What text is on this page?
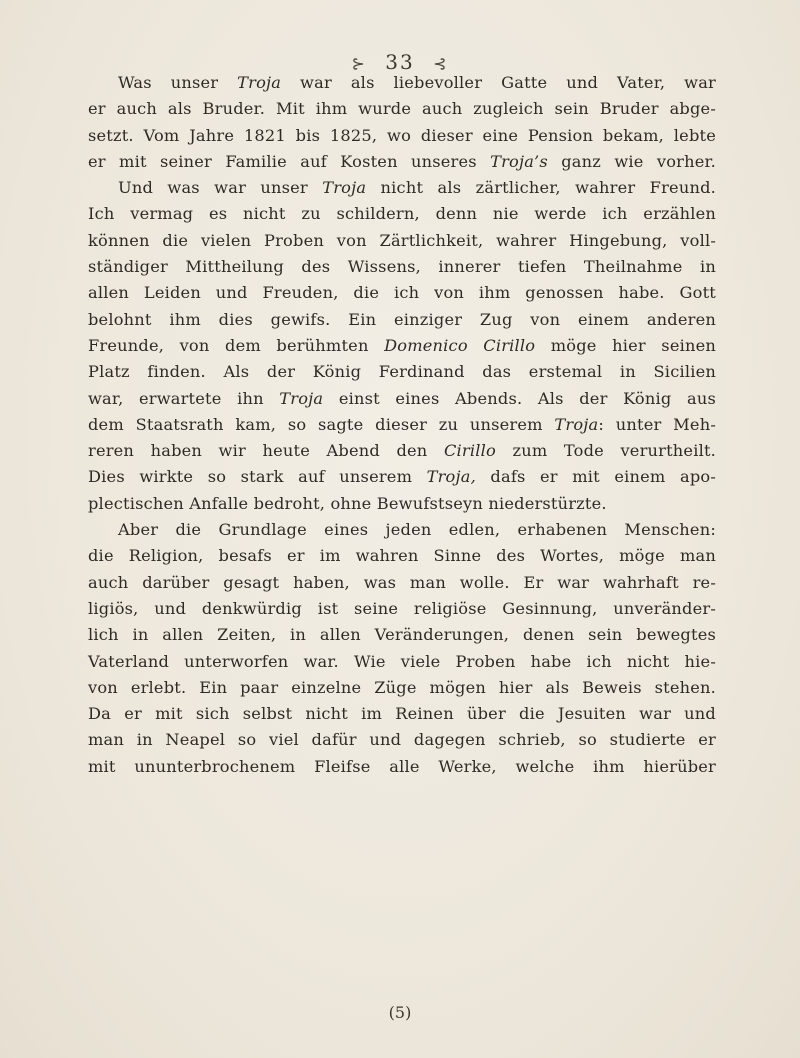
⊱ 33 ⊰
Was unser Troja war als liebevoller Gatte und Vater, war
er auch als Bruder. Mit ihm wurde auch zugleich sein Bruder abge-
setzt. Vom Jahre 1821 bis 1825, wo dieser eine Pension bekam, lebte
er mit seiner Familie auf Kosten unseres Troja’s ganz wie vorher.
Und was war unser Troja nicht als zärtlicher, wahrer Freund.
Ich vermag es nicht zu schildern, denn nie werde ich erzählen
können die vielen Proben von Zärtlichkeit, wahrer Hingebung, voll-
ständiger Mittheilung des Wissens, innerer tiefen Theilnahme in
allen Leiden und Freuden, die ich von ihm genossen habe. Gott
belohnt ihm dies gewifs. Ein einziger Zug von einem anderen
Freunde, von dem berühmten Domenico Cirillo möge hier seinen
Platz finden. Als der König Ferdinand das erstemal in Sicilien
war, erwartete ihn Troja einst eines Abends. Als der König aus
dem Staatsrath kam, so sagte dieser zu unserem Troja: unter Meh-
reren haben wir heute Abend den Cirillo zum Tode verurtheilt.
Dies wirkte so stark auf unserem Troja, dafs er mit einem apo-
plectischen Anfalle bedroht, ohne Bewufstseyn niederstürzte.
Aber die Grundlage eines jeden edlen, erhabenen Menschen:
die Religion, besafs er im wahren Sinne des Wortes, möge man
auch darüber gesagt haben, was man wolle. Er war wahrhaft re-
ligiös, und denkwürdig ist seine religiöse Gesinnung, unveränder-
lich in allen Zeiten, in allen Veränderungen, denen sein bewegtes
Vaterland unterworfen war. Wie viele Proben habe ich nicht hie-
von erlebt. Ein paar einzelne Züge mögen hier als Beweis stehen.
Da er mit sich selbst nicht im Reinen über die Jesuiten war und
man in Neapel so viel dafür und dagegen schrieb, so studierte er
mit ununterbrochenem Fleifse alle Werke, welche ihm hierüber
(5)
